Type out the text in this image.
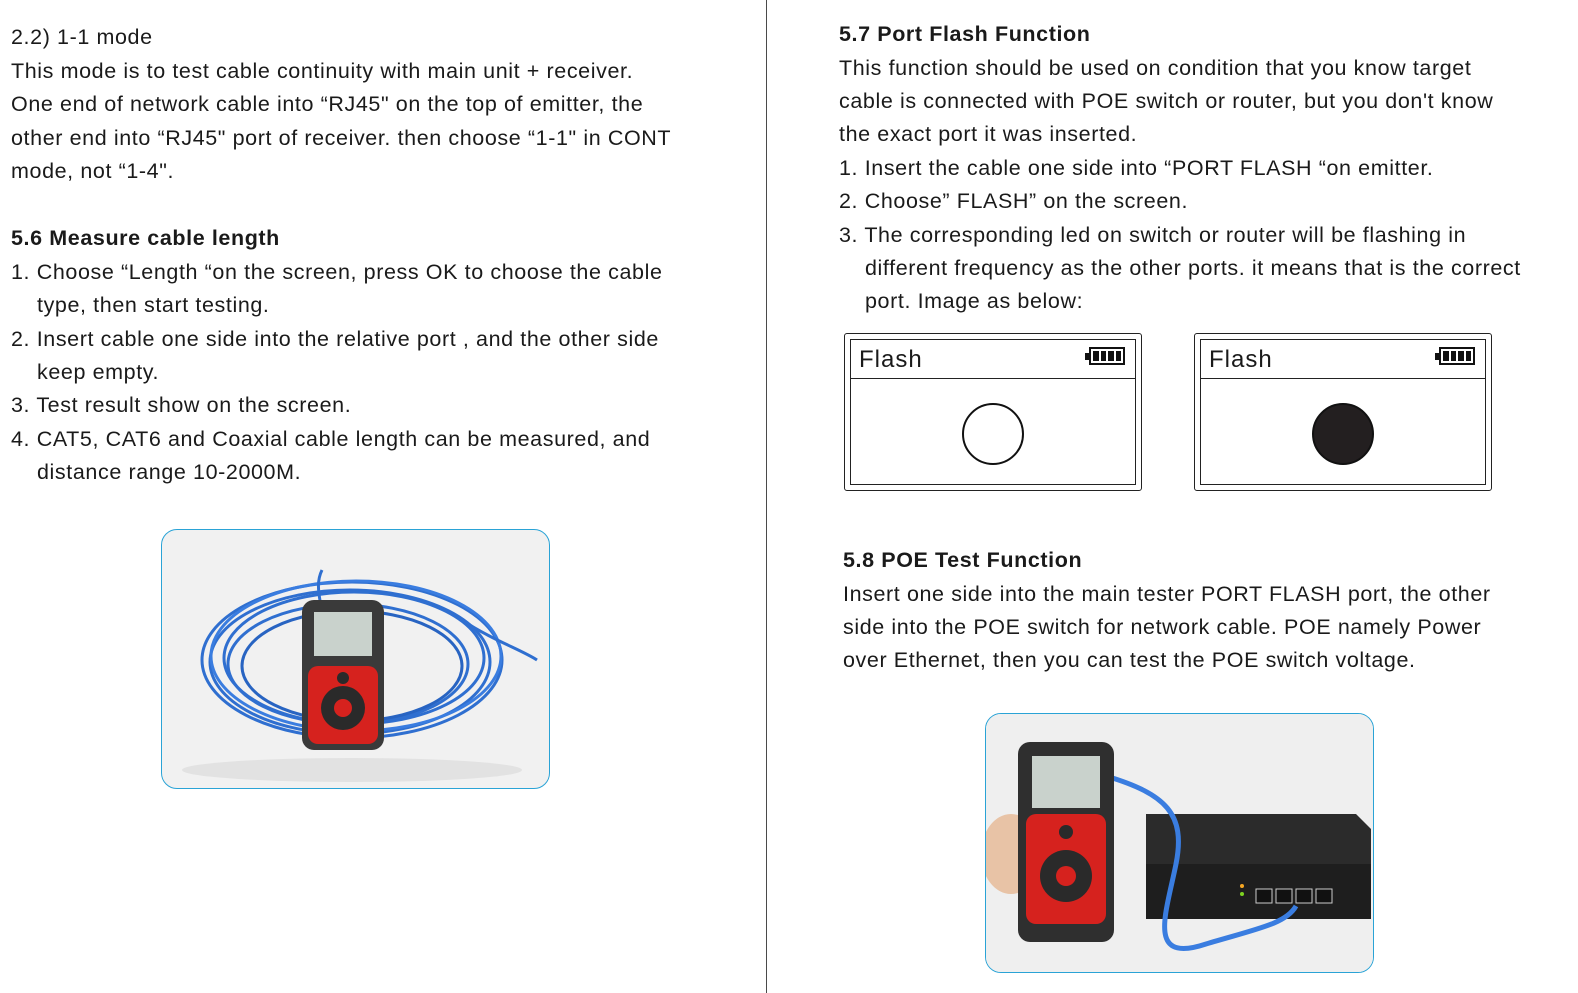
2.2) 1-1 mode

This mode is to test cable continuity with main unit + receiver.

One end of network cable into “RJ45" on the top of emitter, the

other end into “RJ45" port of receiver. then choose “1-1" in CONT

mode, not “1-4".

5.6 Measure cable length

1. Choose “Length “on the screen, press OK to choose the cable

type, then start testing.

2. Insert cable one side into the relative port , and the other side

keep empty.

3. Test result show on the screen.

4. CAT5, CAT6 and Coaxial cable length can be measured, and

distance range 10-2000M.

5.7 Port Flash Function

This function should be used on condition that you know target

cable is connected with POE switch or router, but you don't know

the exact port it was inserted.

1. Insert the cable one side into “PORT FLASH “on emitter.

2. Choose” FLASH” on the screen.

3. The corresponding led on switch or router will be flashing in

different frequency as the other ports. it means that is the correct

port. Image as below:

Flash	Flash

5.8 POE Test Function

Insert one side into the main tester PORT FLASH port, the other

side into the POE switch for network cable. POE namely Power

over Ethernet, then you can test the POE switch voltage.
